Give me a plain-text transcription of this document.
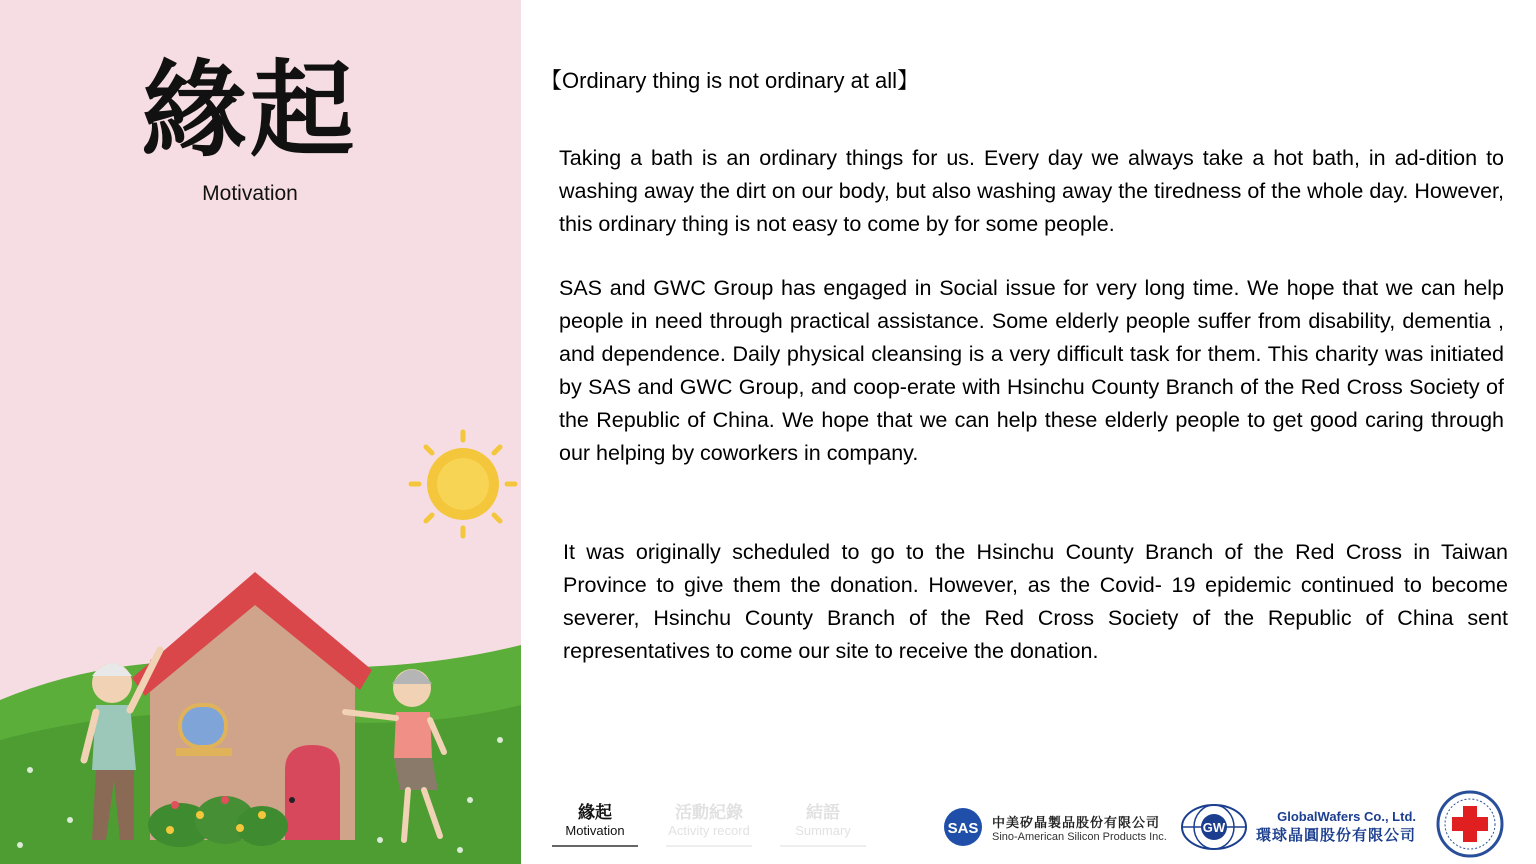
緣起
Motivation
【Ordinary thing is not ordinary at all】

Taking a bath is an ordinary things for us. Every day we always take a hot bath, in ad-dition to washing away the dirt on our body, but also washing away the tiredness of the whole day. However, this ordinary thing is not easy to come by for some people.

SAS and GWC Group has engaged in Social issue for very long time. We hope that we can help people in need through practical assistance. Some elderly people suffer from disability, dementia , and dependence. Daily physical cleansing is a very difficult task for them. This charity was initiated by SAS and GWC Group, and coop-erate with Hsinchu County Branch of the Red Cross Society of the Republic of China. We hope that we can help these elderly people to get good caring through our helping by coworkers in company.

It was originally scheduled to go to the Hsinchu County Branch of the Red Cross in Taiwan Province to give them the donation. However, as the Covid- 19 epidemic continued to become severer, Hsinchu County Branch of the Red Cross Society of the Republic of China sent representatives to come our site to receive the donation.

緣起
Motivation
活動紀錄
Activity record
結語
Summary	SAS 中美矽晶製品股份有限公司
Sino-American Silicon Products Inc.
GW
GlobalWafers Co., Ltd.
環球晶圓股份有限公司
